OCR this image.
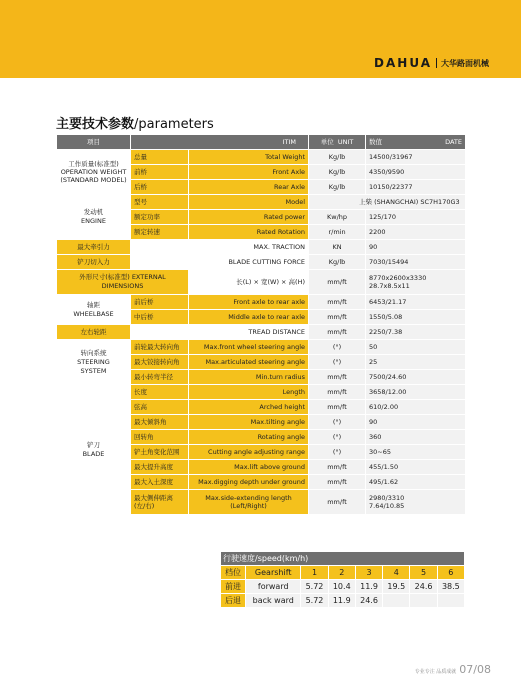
DAHUA 大华路面机械
主要技术参数/parameters
项目	ITIM		单位 UNIT	数值 DATE

工作质量(标准型)
OPERATION WEIGHT
(STANDARD MODEL)	总量	Total Weight	Kg/lb	14500/31967
	前桥	Front Axle	Kg/lb	4350/9590
	后桥	Rear Axle	Kg/lb	10150/22377
发动机
ENGINE	型号	Model	上柴 (SHANGCHAI) SC7H170G3	
	额定功率	Rated power	Kw/hp	125/170
	额定转速	Rated Rotation	r/min	2200
最大牵引力	MAX. TRACTION		KN	90
铲刀切入力	BLADE CUTTING FORCE		Kg/lb	7030/15494
外形尺寸(标准型) EXTERNAL DIMENSIONS		长(L) × 宽(W) × 高(H)	mm/ft	8770x2600x3330
28.7x8.5x11
轴距
WHEELBASE	前后桥	Front axle to rear axle	mm/ft	6453/21.17
	中后桥	Middle axle to rear axle	mm/ft	1550/5.08
左右轮距	TREAD DISTANCE		mm/ft	2250/7.38
转向系统
STEERING
SYSTEM	前轮最大转向角	Max.front wheel steering angle	(°)	50
	最大铰接转向角	Max.articulated steering angle	(°)	25
	最小转弯半径	Min.turn radius	mm/ft	7500/24.60
铲刀
BLADE	长度	Length	mm/ft	3658/12.00
	弦高	Arched height	mm/ft	610/2.00
	最大倾斜角	Max.tilting angle	(°)	90
	回转角	Rotating angle	(°)	360
	铲土角变化范围	Cutting angle adjusting range	(°)	30~65
	最大提升高度	Max.lift above ground	mm/ft	455/1.50
	最大入土深度	Max.digging depth under ground	mm/ft	495/1.62
	最大侧伸距离
(左/右)	Max.side-extending length
(Left/Right)	mm/ft	2980/3310
7.64/10.85
行驶速度/speed(km/h)							
档位	Gearshift	1	2	3	4	5	6
前进	forward	5.72	10.4	11.9	19.5	24.6	38.5
后退	back ward	5.72	11.9	24.6			
专业专注 品质成就 07/08
